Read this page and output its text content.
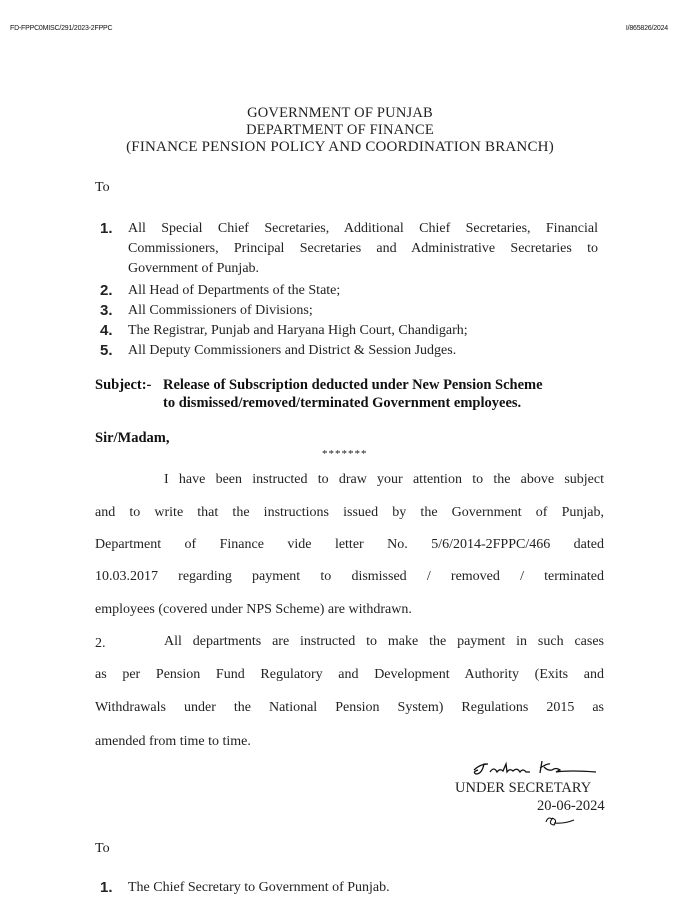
FD-FPPC0MISC/291/2023-2FPPC	I/865826/2024
GOVERNMENT OF PUNJAB
DEPARTMENT OF FINANCE
(FINANCE PENSION POLICY AND COORDINATION BRANCH)
To
1. All Special Chief Secretaries, Additional Chief Secretaries, Financial
Commissioners, Principal Secretaries and Administrative Secretaries to
Government of Punjab.
2. All Head of Departments of the State;
3. All Commissioners of Divisions;
4. The Registrar, Punjab and Haryana High Court, Chandigarh;
5. All Deputy Commissioners and District & Session Judges.
Subject:- Release of Subscription deducted under New Pension Scheme
to dismissed/removed/terminated Government employees.
Sir/Madam,
*******
I have been instructed to draw your attention to the above subject
and to write that the instructions issued by the Government of Punjab,
Department of Finance vide letter No. 5/6/2014-2FPPC/466 dated
10.03.2017 regarding payment to dismissed / removed / terminated
employees (covered under NPS Scheme) are withdrawn.
2.	All departments are instructed to make the payment in such cases
as per Pension Fund Regulatory and Development Authority (Exits and
Withdrawals under the National Pension System) Regulations 2015 as
amended from time to time.
UNDER SECRETARY
20-06-2024
To
1. The Chief Secretary to Government of Punjab.
